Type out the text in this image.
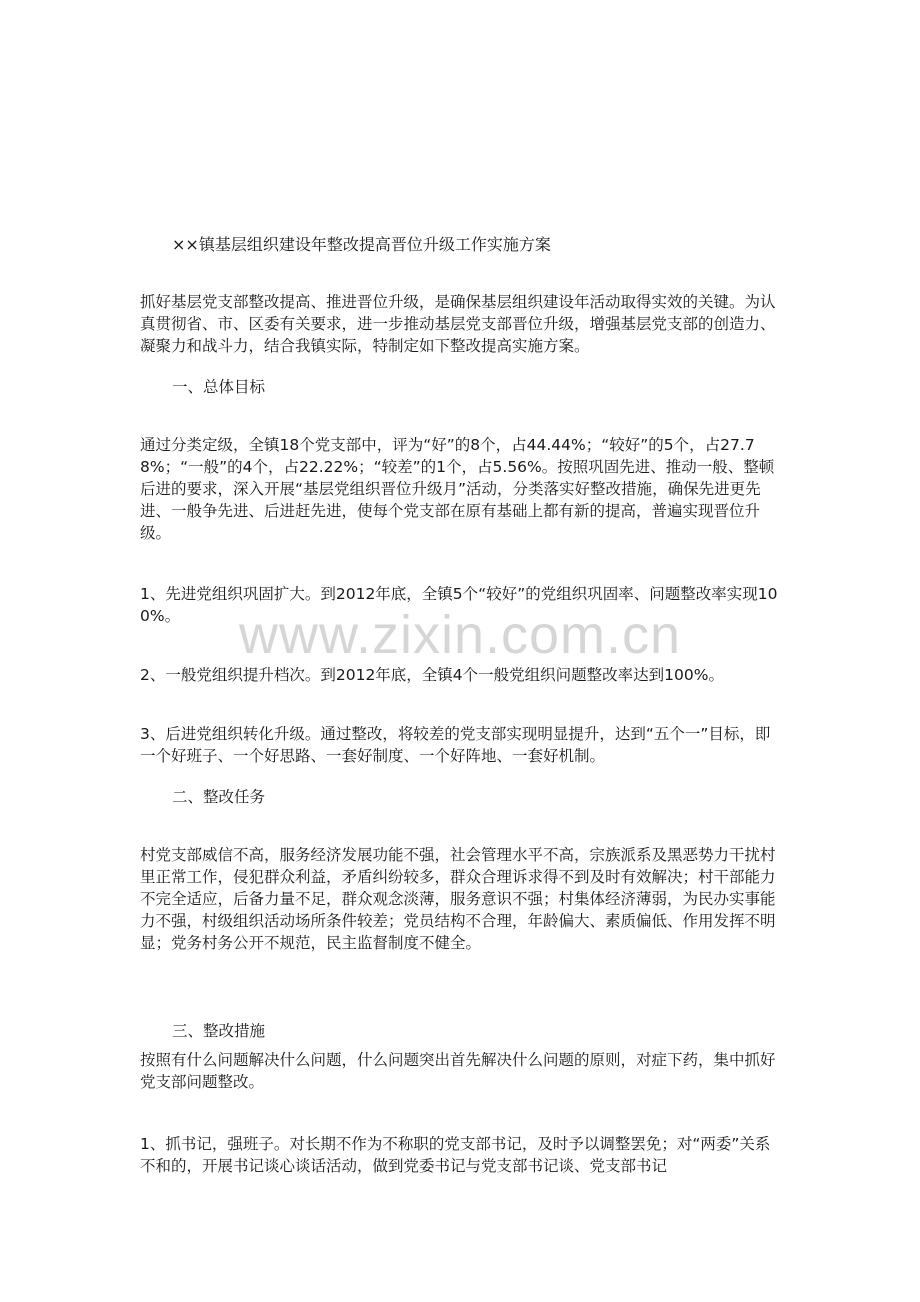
www.zixin.com.cn
××镇基层组织建设年整改提高晋位升级工作实施方案

抓好基层党支部整改提高、推进晋位升级，是确保基层组织建设年活动取得实效的关键。为认真贯彻省、市、区委有关要求，进一步推动基层党支部晋位升级，增强基层党支部的创造力、凝聚力和战斗力，结合我镇实际，特制定如下整改提高实施方案。

一、总体目标

通过分类定级，全镇18个党支部中，评为“好”的8个，占44.44%；“较好”的5个，占27.78%；“一般”的4个，占22.22%；“较差”的1个，占5.56%。按照巩固先进、推动一般、整顿后进的要求，深入开展“基层党组织晋位升级月”活动，分类落实好整改措施，确保先进更先进、一般争先进、后进赶先进，使每个党支部在原有基础上都有新的提高，普遍实现晋位升级。

1、先进党组织巩固扩大。到2012年底，全镇5个“较好”的党组织巩固率、问题整改率实现100%。

2、一般党组织提升档次。到2012年底，全镇4个一般党组织问题整改率达到100%。

3、后进党组织转化升级。通过整改，将较差的党支部实现明显提升，达到“五个一”目标，即一个好班子、一个好思路、一套好制度、一个好阵地、一套好机制。

二、整改任务

村党支部威信不高，服务经济发展功能不强，社会管理水平不高，宗族派系及黑恶势力干扰村里正常工作，侵犯群众利益，矛盾纠纷较多，群众合理诉求得不到及时有效解决；村干部能力不完全适应，后备力量不足，群众观念淡薄，服务意识不强；村集体经济薄弱，为民办实事能力不强，村级组织活动场所条件较差；党员结构不合理，年龄偏大、素质偏低、作用发挥不明显；党务村务公开不规范，民主监督制度不健全。

三、整改措施

按照有什么问题解决什么问题，什么问题突出首先解决什么问题的原则，对症下药，集中抓好党支部问题整改。

1、抓书记，强班子。对长期不作为不称职的党支部书记，及时予以调整罢免；对“两委”关系不和的，开展书记谈心谈话活动，做到党委书记与党支部书记谈、党支部书记
